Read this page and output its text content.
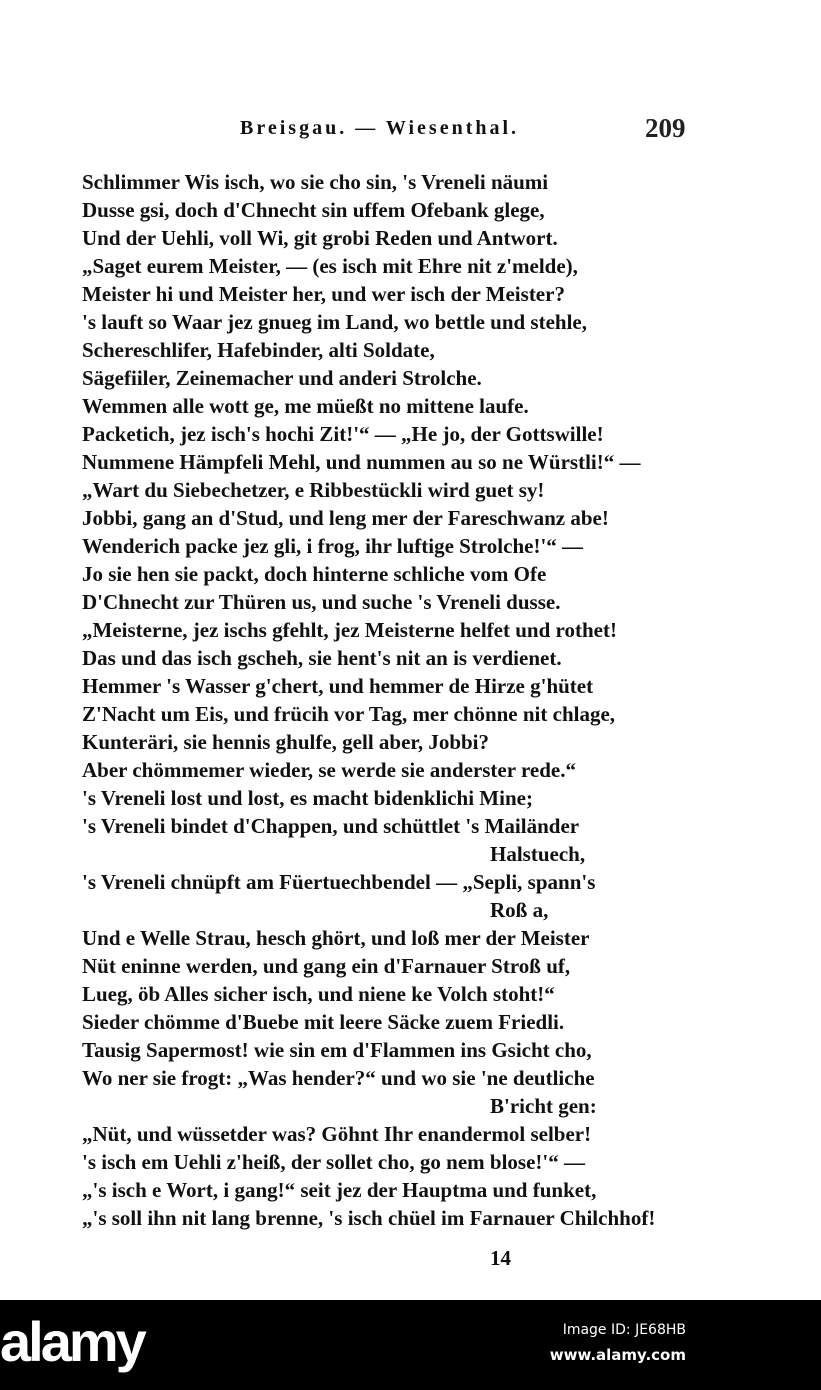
Breisgau. — Wiesenthal.	209
Schlimmer Wis isch, wo sie cho sin, 's Vreneli näumi
Dusse gsi, doch d'Chnecht sin uffem Ofebank glege,
Und der Uehli, voll Wi, git grobi Reden und Antwort.
„Saget eurem Meister, — (es isch mit Ehre nit z'melde),
Meister hi und Meister her, und wer isch der Meister?
's lauft so Waar jez gnueg im Land, wo bettle und stehle,
Schereschlifer, Hafebinder, alti Soldate,
Sägefiiler, Zeinemacher und anderi Strolche.
Wemmen alle wott ge, me müeßt no mittene laufe.
Packetich, jez isch's hochi Zit!'“ — „He jo, der Gottswille!
Nummene Hämpfeli Mehl, und nummen au so ne Würstli!“ —
„Wart du Siebechetzer, e Ribbestückli wird guet sy!
Jobbi, gang an d'Stud, und leng mer der Fareschwanz abe!
Wenderich packe jez gli, i frog, ihr luftige Strolche!'“ —
Jo sie hen sie packt, doch hinterne schliche vom Ofe
D'Chnecht zur Thüren us, und suche 's Vreneli dusse.
„Meisterne, jez ischs gfehlt, jez Meisterne helfet und rothet!
Das und das isch gscheh, sie hent's nit an is verdienet.
Hemmer 's Wasser g'chert, und hemmer de Hirze g'hütet
Z'Nacht um Eis, und frücih vor Tag, mer chönne nit chlage,
Kunteräri, sie hennis ghulfe, gell aber, Jobbi?
Aber chömmemer wieder, se werde sie anderster rede.“
's Vreneli lost und lost, es macht bidenklichi Mine;
's Vreneli bindet d'Chappen, und schüttlet 's Mailänder
Halstuech,
's Vreneli chnüpft am Füertuechbendel — „Sepli, spann's
Roß a,
Und e Welle Strau, hesch ghört, und loß mer der Meister
Nüt eninne werden, und gang ein d'Farnauer Stroß uf,
Lueg, öb Alles sicher isch, und niene ke Volch stoht!“
Sieder chömme d'Buebe mit leere Säcke zuem Friedli.
Tausig Sapermost! wie sin em d'Flammen ins Gsicht cho,
Wo ner sie frogt: „Was hender?“ und wo sie 'ne deutliche
B'richt gen:
„Nüt, und wüssetder was? Göhnt Ihr enandermol selber!
's isch em Uehli z'heiß, der sollet cho, go nem blose!'“ —
„'s isch e Wort, i gang!“ seit jez der Hauptma und funket,
„'s soll ihn nit lang brenne, 's isch chüel im Farnauer Chilchhof!
14
alamy	Image ID: JE68HB
www.alamy.com
